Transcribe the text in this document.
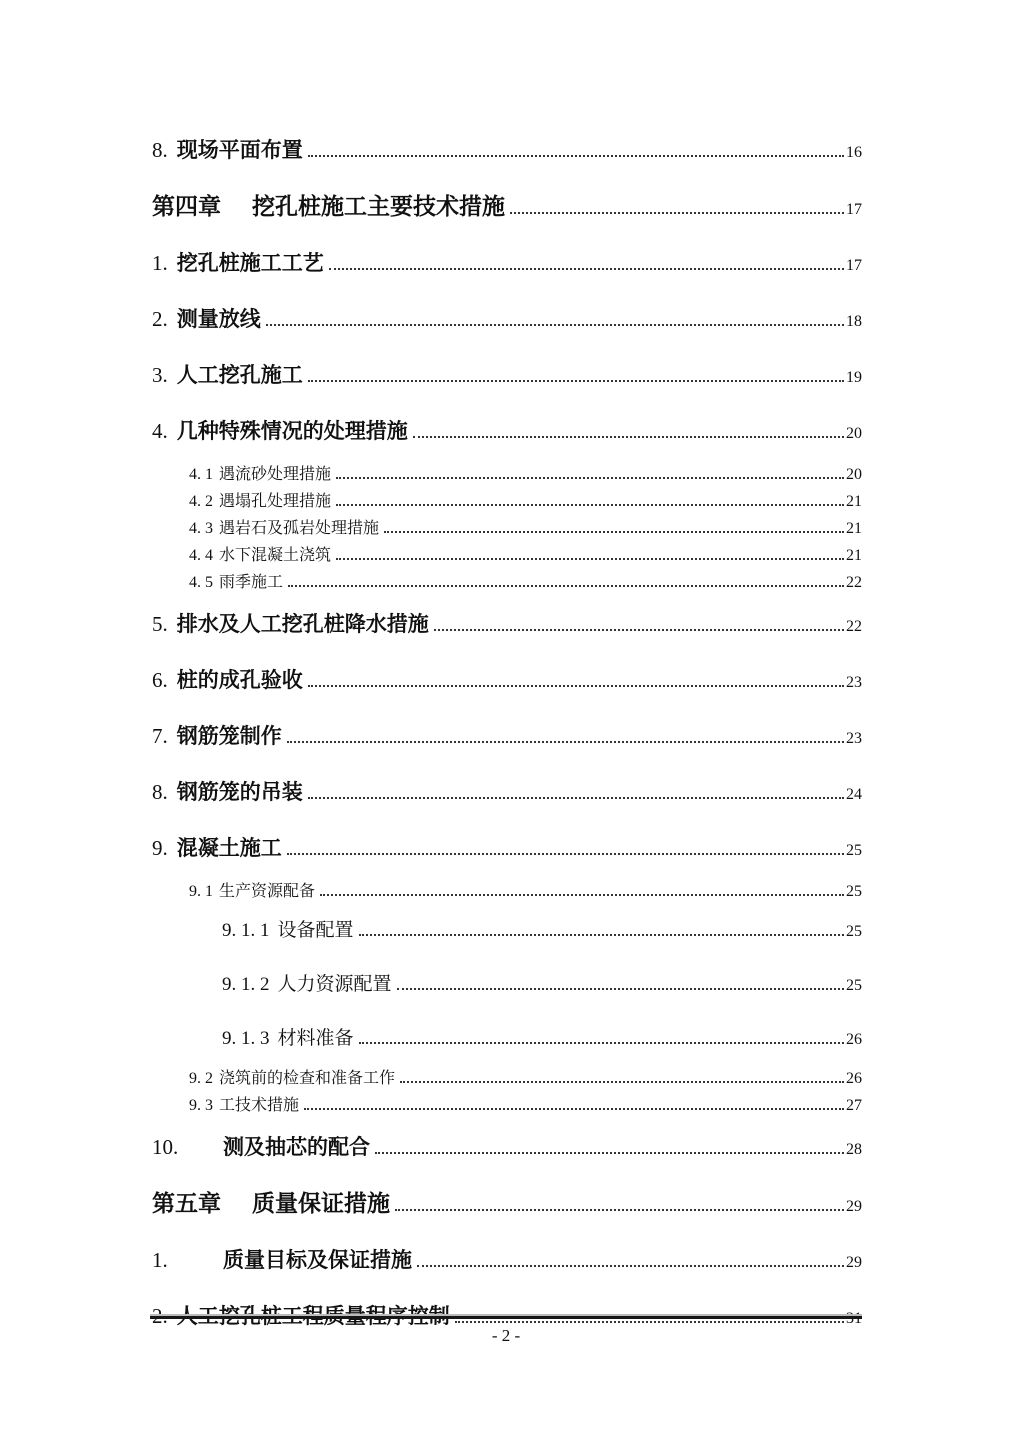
8. 现场平面布置	16
第四章 挖孔桩施工主要技术措施	17
1. 挖孔桩施工工艺	17
2. 测量放线	18
3. 人工挖孔施工	19
4. 几种特殊情况的处理措施	20
4. 1 遇流砂处理措施	20
4. 2 遇塌孔处理措施	21
4. 3 遇岩石及孤岩处理措施	21
4. 4 水下混凝土浇筑	21
4. 5 雨季施工	22
5. 排水及人工挖孔桩降水措施	22
6. 桩的成孔验收	23
7. 钢筋笼制作	23
8. 钢筋笼的吊装	24
9. 混凝土施工	25
9. 1 生产资源配备	25
9. 1. 1 设备配置	25
9. 1. 2 人力资源配置	25
9. 1. 3 材料准备	26
9. 2 浇筑前的检查和准备工作	26
9. 3 工技术措施	27
10.	测及抽芯的配合	28
第五章 质量保证措施	29
1.	质量目标及保证措施	29
2. 人工挖孔桩工程质量程序控制	31
- 2 -
